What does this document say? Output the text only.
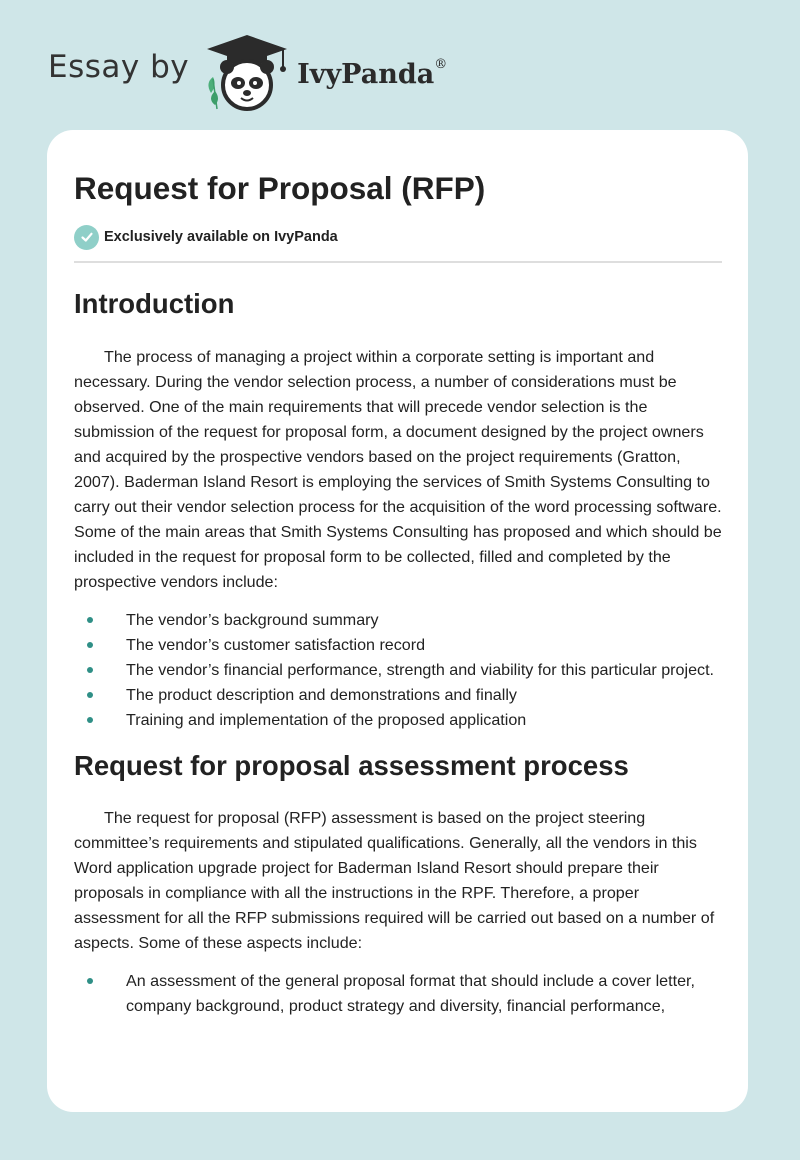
Essay by	IvyPanda®
Request for Proposal (RFP)
Exclusively available on IvyPanda
Introduction

The process of managing a project within a corporate setting is important and necessary. During the vendor selection process, a number of considerations must be observed. One of the main requirements that will precede vendor selection is the submission of the request for proposal form, a document designed by the project owners and acquired by the prospective vendors based on the project requirements (Gratton, 2007). Baderman Island Resort is employing the services of Smith Systems Consulting to carry out their vendor selection process for the acquisition of the word processing software. Some of the main areas that Smith Systems Consulting has proposed and which should be included in the request for proposal form to be collected, filled and completed by the prospective vendors include:

The vendor’s background summary
The vendor’s customer satisfaction record
The vendor’s financial performance, strength and viability for this particular project.
The product description and demonstrations and finally
Training and implementation of the proposed application
Request for proposal assessment process

The request for proposal (RFP) assessment is based on the project steering committee’s requirements and stipulated qualifications. Generally, all the vendors in this Word application upgrade project for Baderman Island Resort should prepare their proposals in compliance with all the instructions in the RPF. Therefore, a proper assessment for all the RFP submissions required will be carried out based on a number of aspects. Some of these aspects include:

An assessment of the general proposal format that should include a cover letter, company background, product strategy and diversity, financial performance,
